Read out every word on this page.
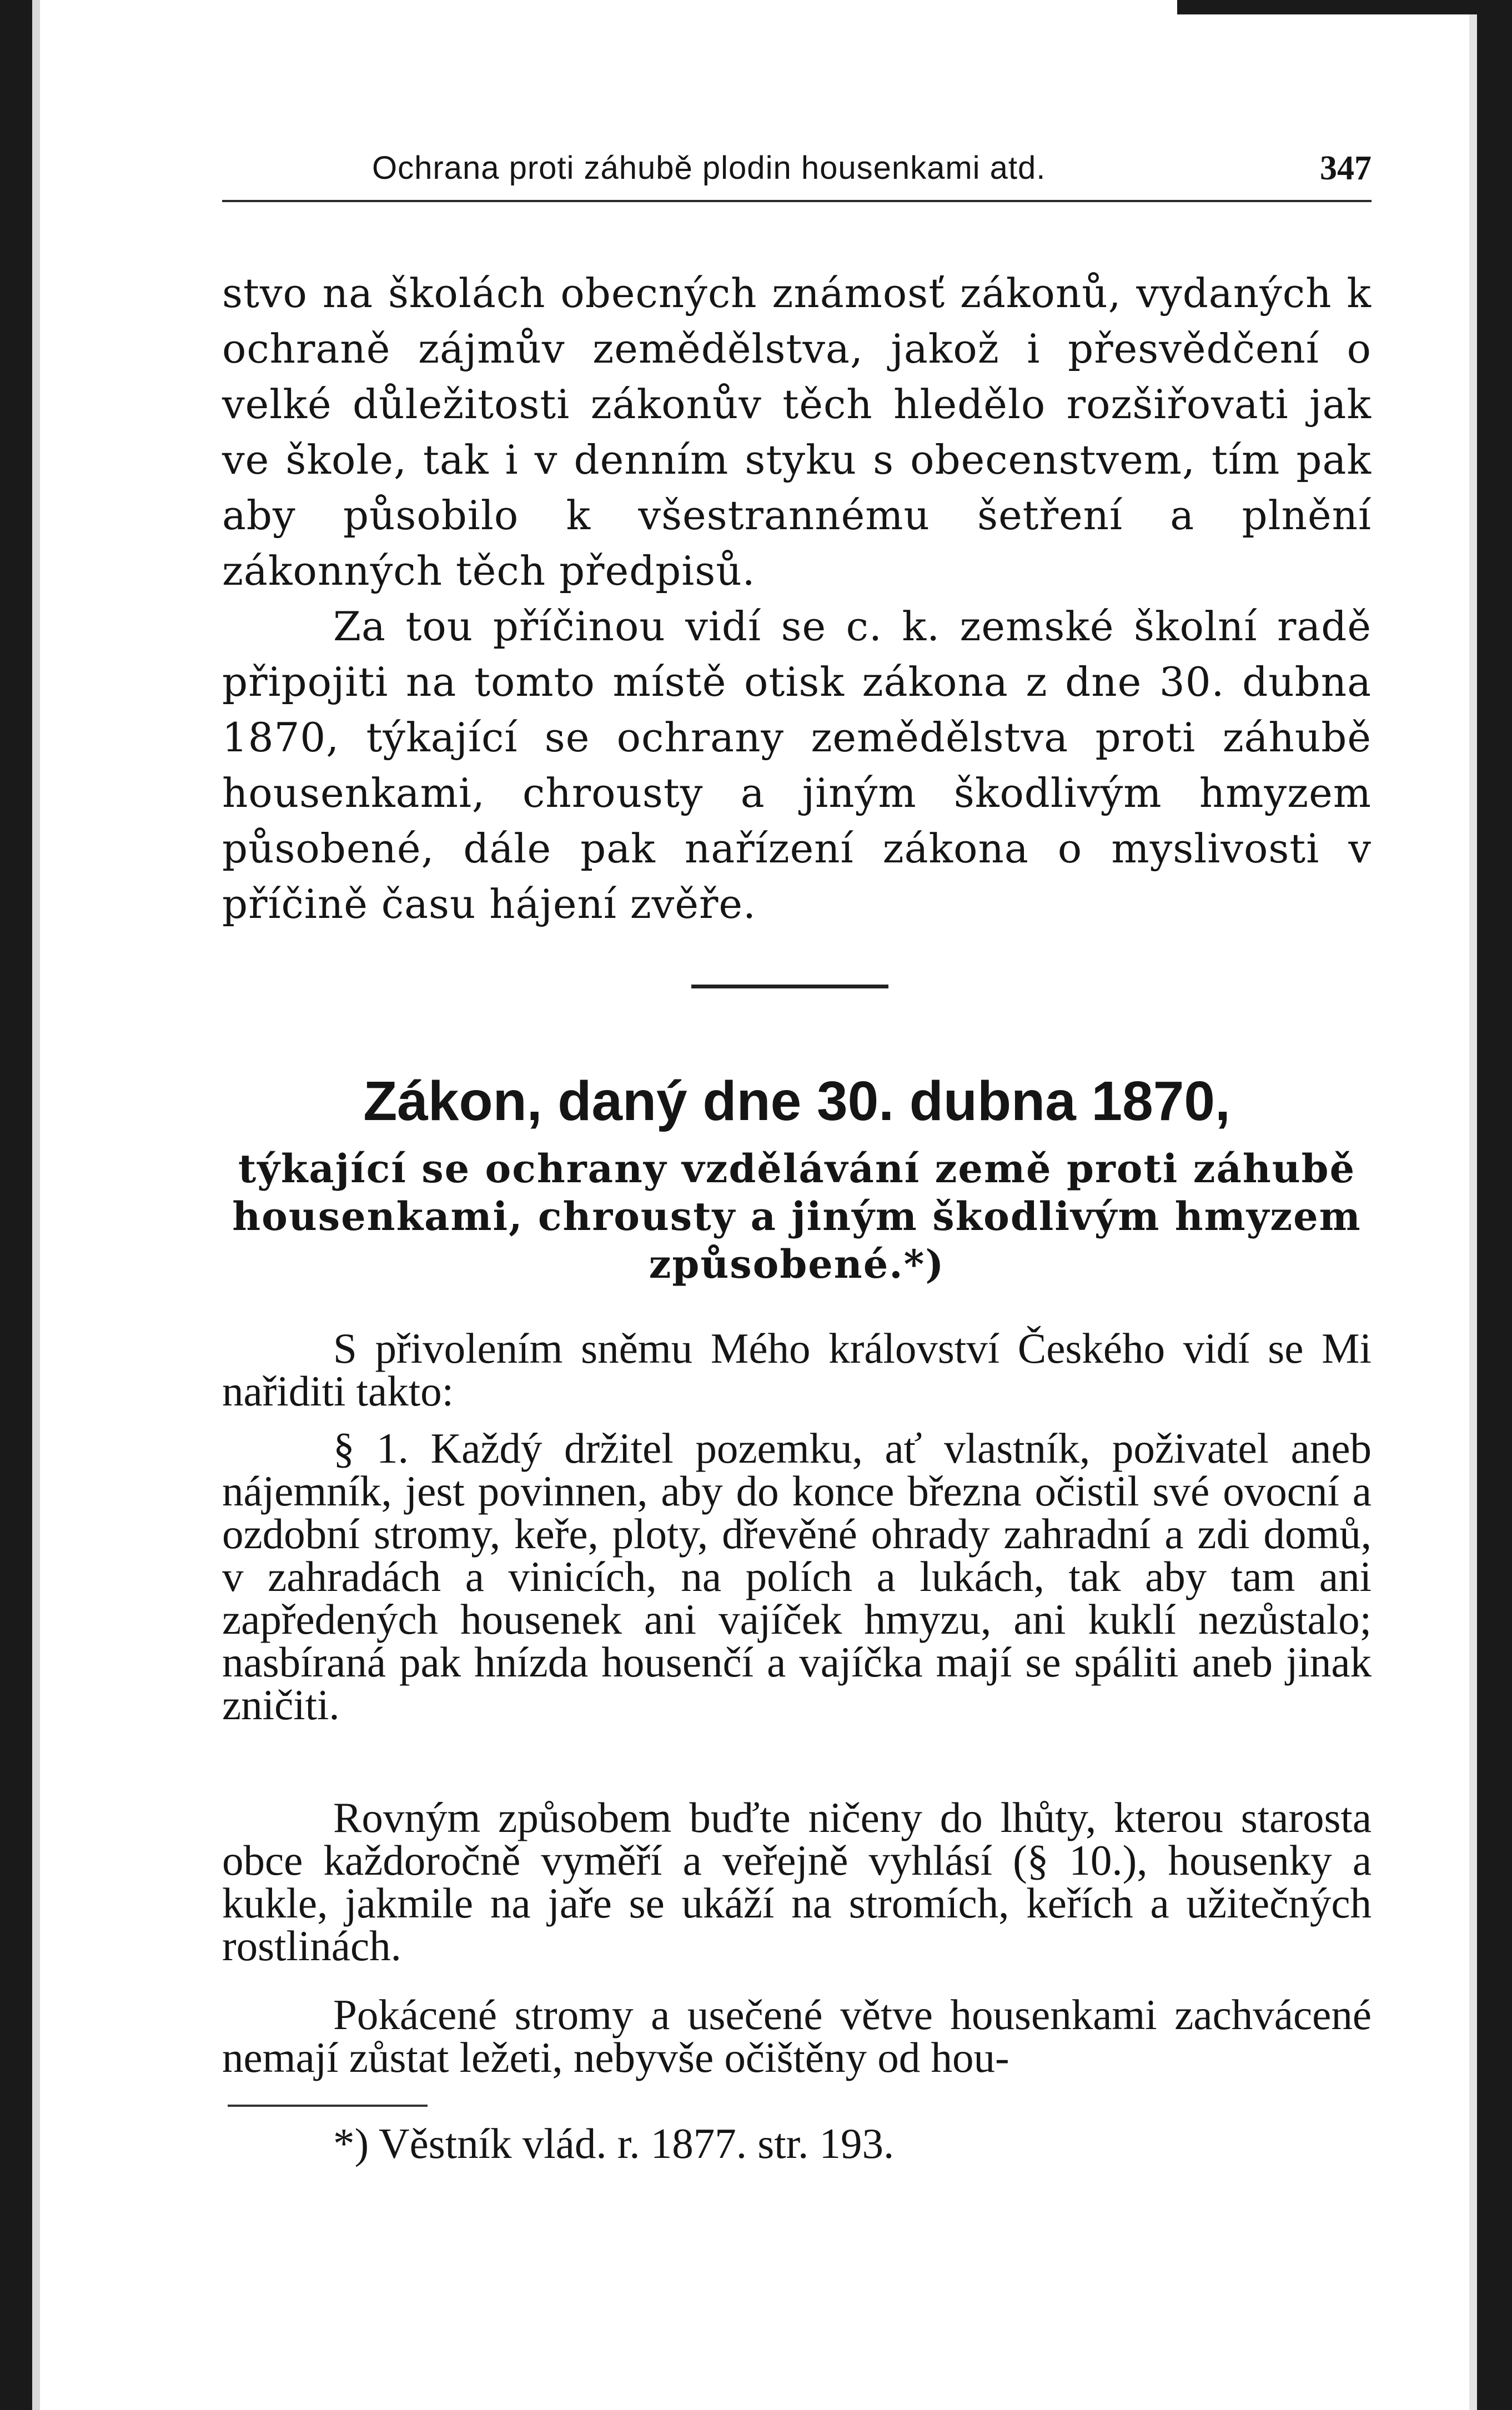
Ochrana proti záhubě plodin housenkami atd.	347

stvo na školách obecných známosť zákonů, vydaných k ochraně zájmův zemědělstva, jakož i přesvědčení o velké důležitosti zákonův těch hledělo rozšiřovati jak ve škole, tak i v denním styku s obecenstvem, tím pak aby působilo k všestrannému šetření a plnění zákonných těch předpisů.

Za tou příčinou vidí se c. k. zemské školní radě připojiti na tomto místě otisk zákona z dne 30. dubna 1870, týkající se ochrany zemědělstva proti záhubě housenkami, chrousty a jiným škodlivým hmyzem působené, dále pak nařízení zákona o myslivosti v příčině času hájení zvěře.

Zákon, daný dne 30. dubna 1870,

týkající se ochrany vzdělávání země proti záhubě housenkami, chrousty a jiným škodlivým hmyzem způsobené.*)

S přivolením sněmu Mého království Českého vidí se Mi nařiditi takto:

§ 1. Každý držitel pozemku, ať vlastník, poživatel aneb nájemník, jest povinnen, aby do konce března očistil své ovocní a ozdobní stromy, keře, ploty, dřevěné ohrady zahradní a zdi domů, v zahradách a vinicích, na polích a lukách, tak aby tam ani zapředených housenek ani vajíček hmyzu, ani kuklí nezůstalo; nasbíraná pak hnízda housenčí a vajíčka mají se spáliti aneb jinak zničiti.

Rovným způsobem buďte ničeny do lhůty, kterou starosta obce každoročně vyměří a veřejně vyhlásí (§ 10.), housenky a kukle, jakmile na jaře se ukáží na stromích, keřích a užitečných rostlinách.

Pokácené stromy a usečené větve housenkami zachvácené nemají zůstat ležeti, nebyvše očištěny od hou-

*) Věstník vlád. r. 1877. str. 193.
